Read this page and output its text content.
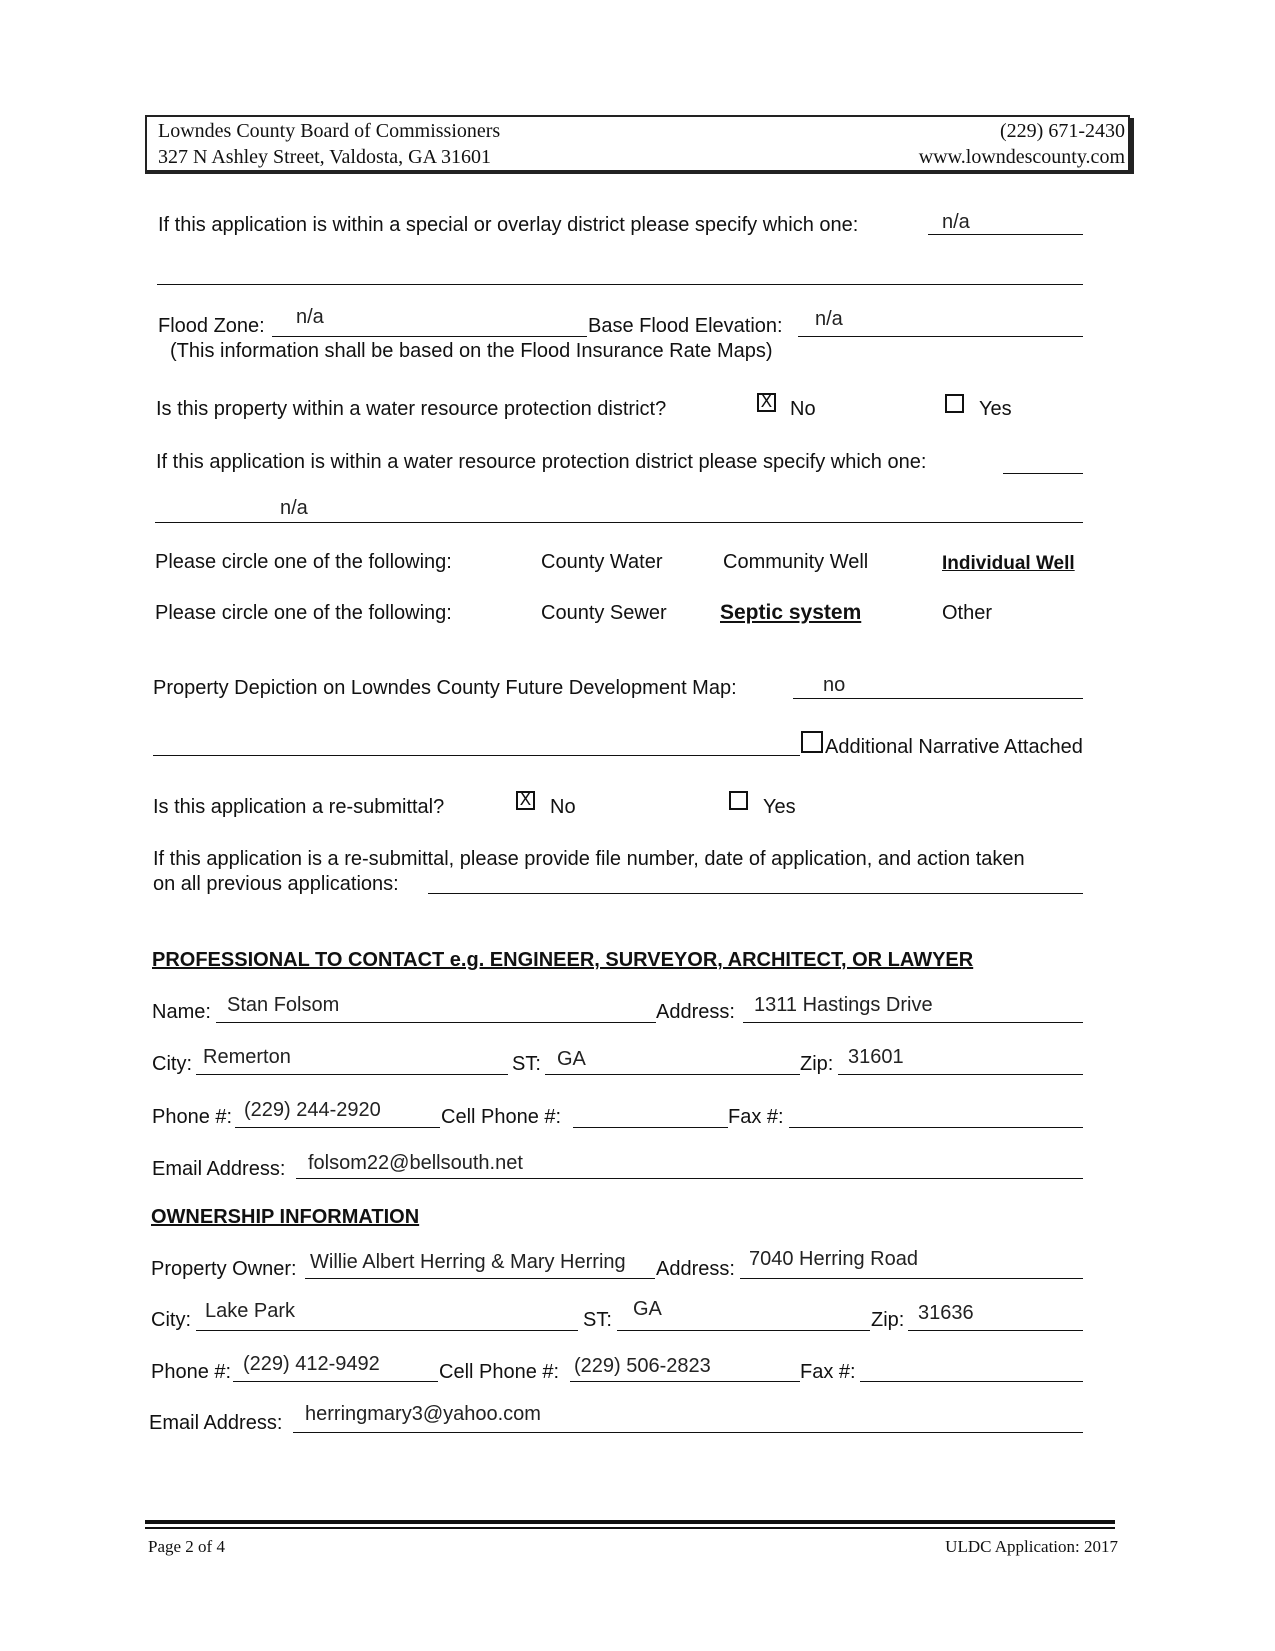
Lowndes County Board of Commissioners
327 N Ashley Street, Valdosta, GA 31601
(229) 671-2430
www.lowndescounty.com
If this application is within a special or overlay district please specify which one:	n/a
Flood Zone: n/a	Base Flood Elevation: n/a
(This information shall be based on the Flood Insurance Rate Maps)
Is this property within a water resource protection district?	X No	Yes
If this application is within a water resource protection district please specify which one:
n/a
Please circle one of the following:	County Water	Community Well	Individual Well
Please circle one of the following:	County Sewer	Septic system	Other
Property Depiction on Lowndes County Future Development Map:	no
Additional Narrative Attached
Is this application a re-submittal?	X No	Yes
If this application is a re-submittal, please provide file number, date of application, and action taken
on all previous applications:
PROFESSIONAL TO CONTACT e.g. ENGINEER, SURVEYOR, ARCHITECT, OR LAWYER
Name: Stan Folsom	Address: 1311 Hastings Drive
City: Remerton	ST: GA	Zip: 31601
Phone #: (229) 244-2920	Cell Phone #:	Fax #:
Email Address: folsom22@bellsouth.net
OWNERSHIP INFORMATION
Property Owner: Willie Albert Herring & Mary Herring Address: 7040 Herring Road
City: Lake Park	ST: GA	Zip: 31636
Phone #: (229) 412-9492	Cell Phone #: (229) 506-2823	Fax #:
Email Address: herringmary3@yahoo.com
Page 2 of 4	ULDC Application: 2017
